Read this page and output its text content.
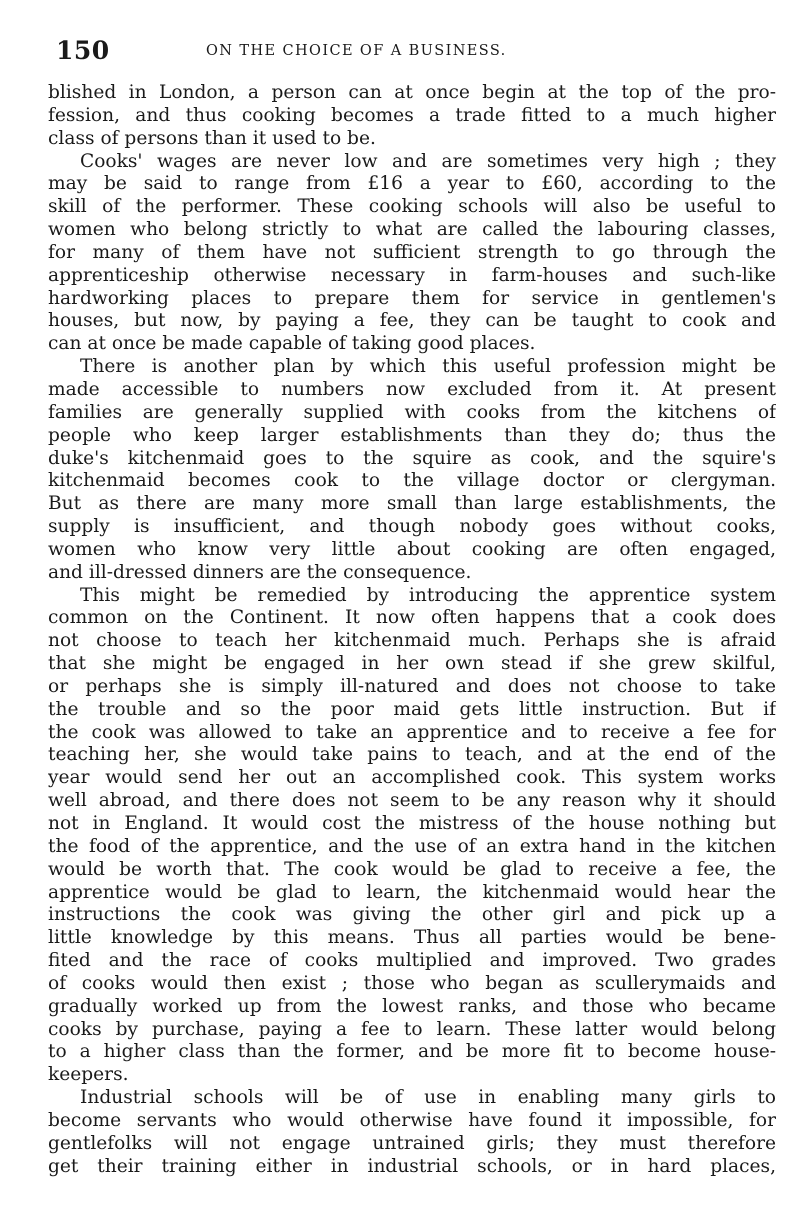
150	ON THE CHOICE OF A BUSINESS.
blished in London, a person can at once begin at the top of the pro-
fession, and thus cooking becomes a trade fitted to a much higher
class of persons than it used to be.
Cooks' wages are never low and are sometimes very high ; they
may be said to range from £16 a year to £60, according to the
skill of the performer. These cooking schools will also be useful to
women who belong strictly to what are called the labouring classes,
for many of them have not sufficient strength to go through the
apprenticeship otherwise necessary in farm-houses and such-like
hardworking places to prepare them for service in gentlemen's
houses, but now, by paying a fee, they can be taught to cook and
can at once be made capable of taking good places.
There is another plan by which this useful profession might be
made accessible to numbers now excluded from it. At present
families are generally supplied with cooks from the kitchens of
people who keep larger establishments than they do; thus the
duke's kitchenmaid goes to the squire as cook, and the squire's
kitchenmaid becomes cook to the village doctor or clergyman.
But as there are many more small than large establishments, the
supply is insufficient, and though nobody goes without cooks,
women who know very little about cooking are often engaged,
and ill-dressed dinners are the consequence.
This might be remedied by introducing the apprentice system
common on the Continent. It now often happens that a cook does
not choose to teach her kitchenmaid much. Perhaps she is afraid
that she might be engaged in her own stead if she grew skilful,
or perhaps she is simply ill-natured and does not choose to take
the trouble and so the poor maid gets little instruction. But if
the cook was allowed to take an apprentice and to receive a fee for
teaching her, she would take pains to teach, and at the end of the
year would send her out an accomplished cook. This system works
well abroad, and there does not seem to be any reason why it should
not in England. It would cost the mistress of the house nothing but
the food of the apprentice, and the use of an extra hand in the kitchen
would be worth that. The cook would be glad to receive a fee, the
apprentice would be glad to learn, the kitchenmaid would hear the
instructions the cook was giving the other girl and pick up a
little knowledge by this means. Thus all parties would be bene-
fited and the race of cooks multiplied and improved. Two grades
of cooks would then exist ; those who began as scullerymaids and
gradually worked up from the lowest ranks, and those who became
cooks by purchase, paying a fee to learn. These latter would belong
to a higher class than the former, and be more fit to become house-
keepers.
Industrial schools will be of use in enabling many girls to
become servants who would otherwise have found it impossible, for
gentlefolks will not engage untrained girls; they must therefore
get their training either in industrial schools, or in hard places,
